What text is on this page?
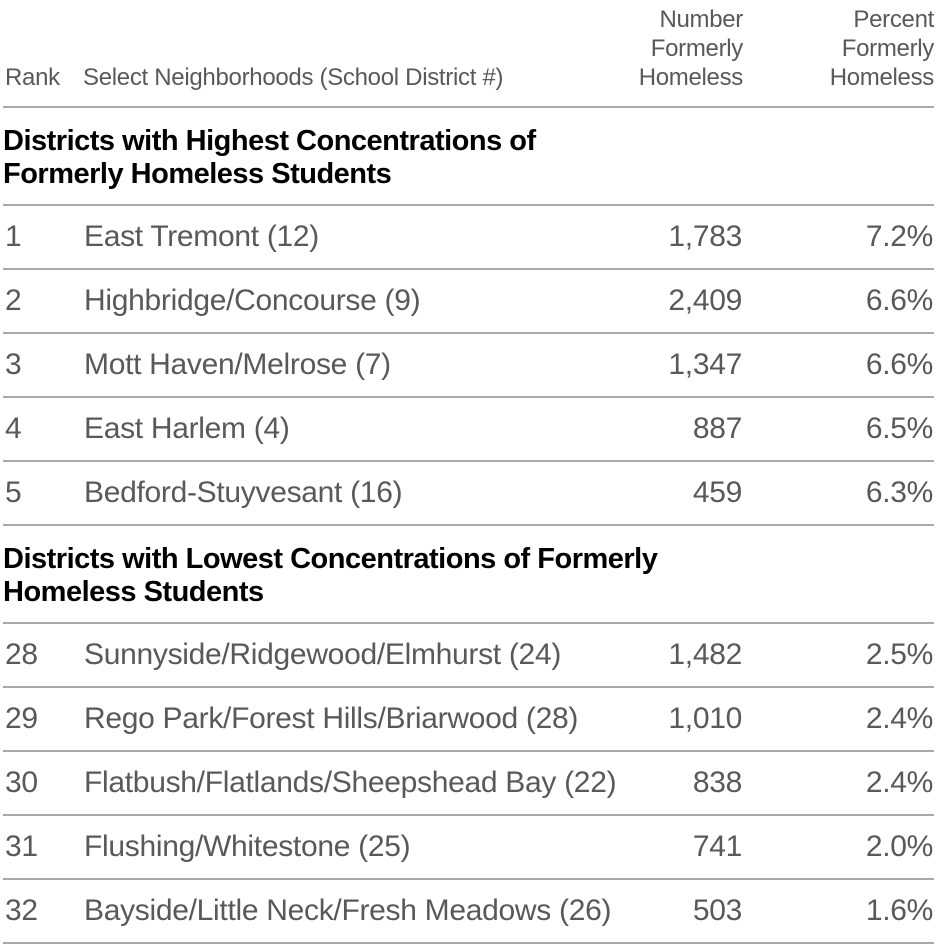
Rank	Select Neighborhoods (School District #)	Number Formerly Homeless	Percent Formerly Homeless

Districts with Highest Concentrations of Formerly Homeless Students			

1	East Tremont (12)	1,783	7.2%
2	Highbridge/Concourse (9)	2,409	6.6%
3	Mott Haven/Melrose (7)	1,347	6.6%
4	East Harlem (4)	887	6.5%
5	Bedford-Stuyvesant (16)	459	6.3%

Districts with Lowest Concentrations of Formerly Homeless Students			

28	Sunnyside/Ridgewood/Elmhurst (24)	1,482	2.5%
29	Rego Park/Forest Hills/Briarwood (28)	1,010	2.4%
30	Flatbush/Flatlands/Sheepshead Bay (22)	838	2.4%
31	Flushing/Whitestone (25)	741	2.0%
32	Bayside/Little Neck/Fresh Meadows (26)	503	1.6%
